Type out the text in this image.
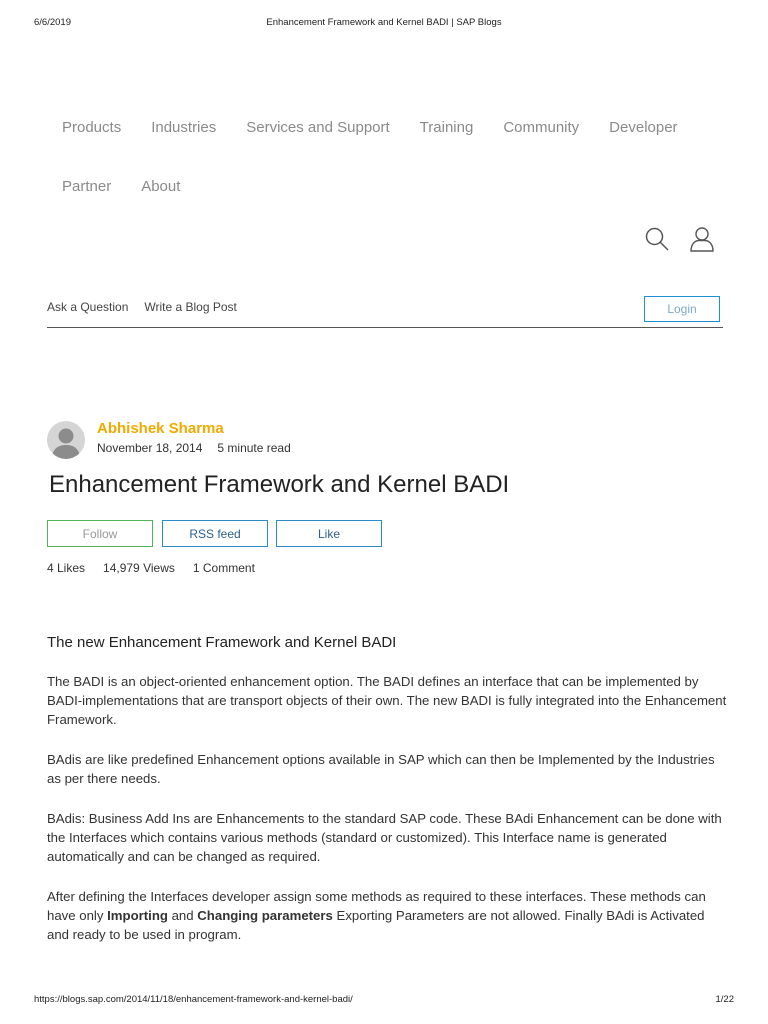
6/6/2019	Enhancement Framework and Kernel BADI | SAP Blogs
Products Industries Services and Support Training Community Developer
Partner About
Ask a Question Write a Blog Post	Login
Abhishek Sharma
November 18, 2014 5 minute read
Enhancement Framework and Kernel BADI
Follow	RSS feed	Like
4 Likes 14,979 Views 1 Comment
The new Enhancement Framework and Kernel BADI

The BADI is an object-oriented enhancement option. The BADI defines an interface that can be implemented by BADI-implementations that are transport objects of their own. The new BADI is fully integrated into the Enhancement Framework.

BAdis are like predefined Enhancement options available in SAP which can then be Implemented by the Industries as per there needs.

BAdis: Business Add Ins are Enhancements to the standard SAP code. These BAdi Enhancement can be done with the Interfaces which contains various methods (standard or customized). This Interface name is generated automatically and can be changed as required.

After defining the Interfaces developer assign some methods as required to these interfaces. These methods can have only Importing and Changing parameters Exporting Parameters are not allowed. Finally BAdi is Activated and ready to be used in program.

https://blogs.sap.com/2014/11/18/enhancement-framework-and-kernel-badi/	1/22
